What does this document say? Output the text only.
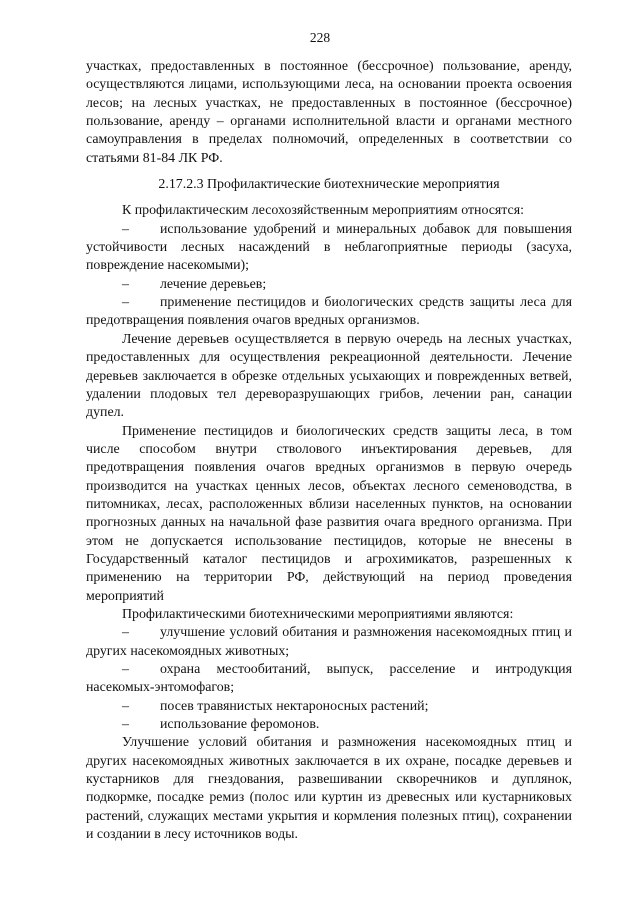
228

участках, предоставленных в постоянное (бессрочное) пользование, аренду, осуществляются лицами, использующими леса, на основании проекта освоения лесов; на лесных участках, не предоставленных в постоянное (бессрочное) пользование, аренду – органами исполнительной власти и органами местного самоуправления в пределах полномочий, определенных в соответствии со статьями 81-84 ЛК РФ.

2.17.2.3 Профилактические биотехнические мероприятия

К профилактическим лесохозяйственным мероприятиям относятся:

– использование удобрений и минеральных добавок для повышения устойчивости лесных насаждений в неблагоприятные периоды (засуха, повреждение насекомыми);

– лечение деревьев;

– применение пестицидов и биологических средств защиты леса для предотвращения появления очагов вредных организмов.

Лечение деревьев осуществляется в первую очередь на лесных участках, предоставленных для осуществления рекреационной деятельности. Лечение деревьев заключается в обрезке отдельных усыхающих и поврежденных ветвей, удалении плодовых тел дереворазрушающих грибов, лечении ран, санации дупел.

Применение пестицидов и биологических средств защиты леса, в том числе способом внутри стволового инъектирования деревьев, для предотвращения появления очагов вредных организмов в первую очередь производится на участках ценных лесов, объектах лесного семеноводства, в питомниках, лесах, расположенных вблизи населенных пунктов, на основании прогнозных данных на начальной фазе развития очага вредного организма. При этом не допускается использование пестицидов, которые не внесены в Государственный каталог пестицидов и агрохимикатов, разрешенных к применению на территории РФ, действующий на период проведения мероприятий

Профилактическими биотехническими мероприятиями являются:

– улучшение условий обитания и размножения насекомоядных птиц и других насекомоядных животных;

– охрана местообитаний, выпуск, расселение и интродукция насекомых-энтомофагов;

– посев травянистых нектароносных растений;

– использование феромонов.

Улучшение условий обитания и размножения насекомоядных птиц и других насекомоядных животных заключается в их охране, посадке деревьев и кустарников для гнездования, развешивании скворечников и дуплянок, подкормке, посадке ремиз (полос или куртин из древесных или кустарниковых растений, служащих местами укрытия и кормления полезных птиц), сохранении и создании в лесу источников воды.
